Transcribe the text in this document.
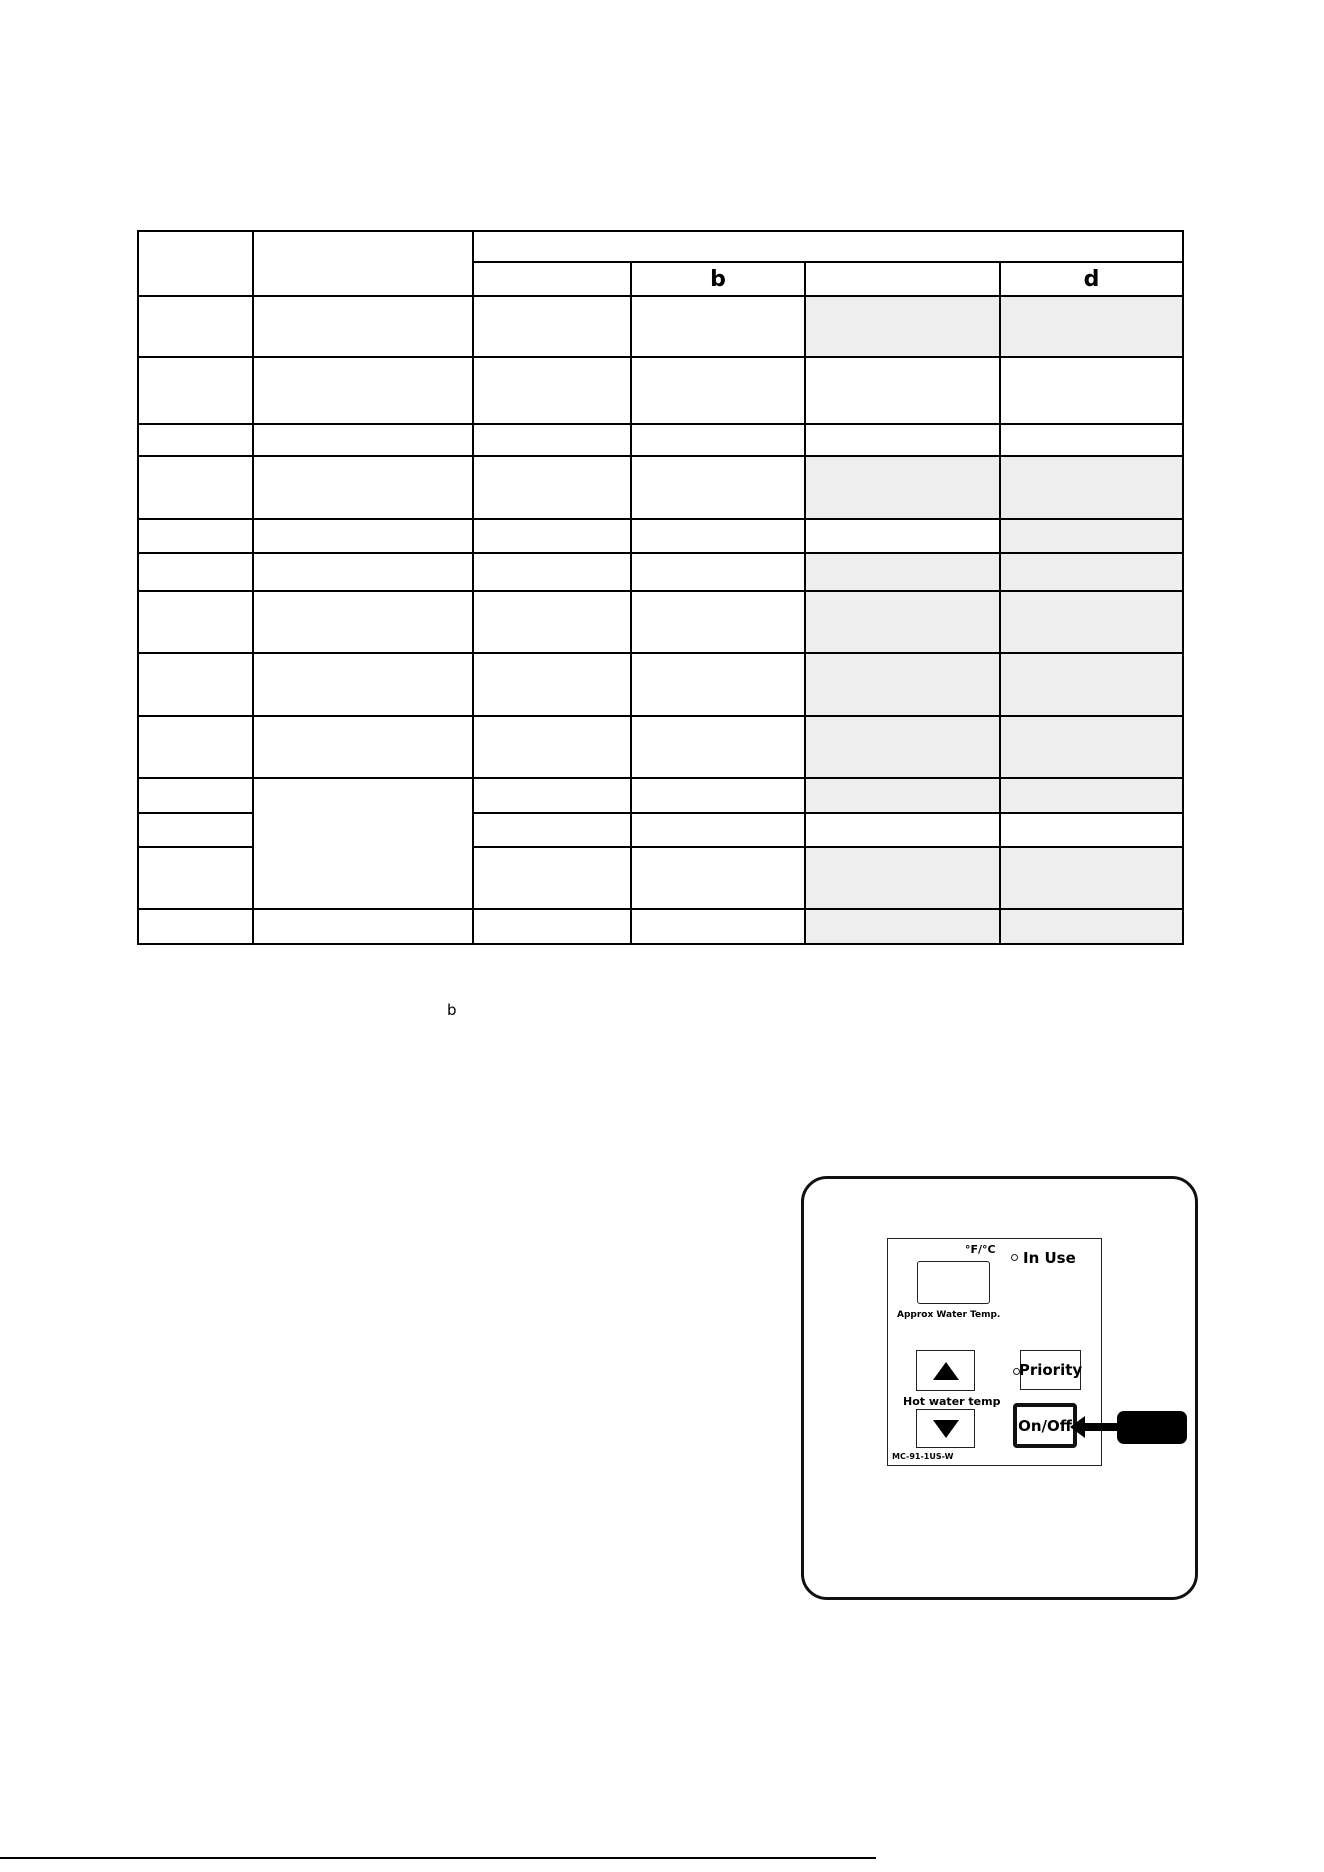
			b		d

b
°F/°C In Use
Approx Water Temp.
Priority
Hot water temp
On/Off
MC-91-1US-W
